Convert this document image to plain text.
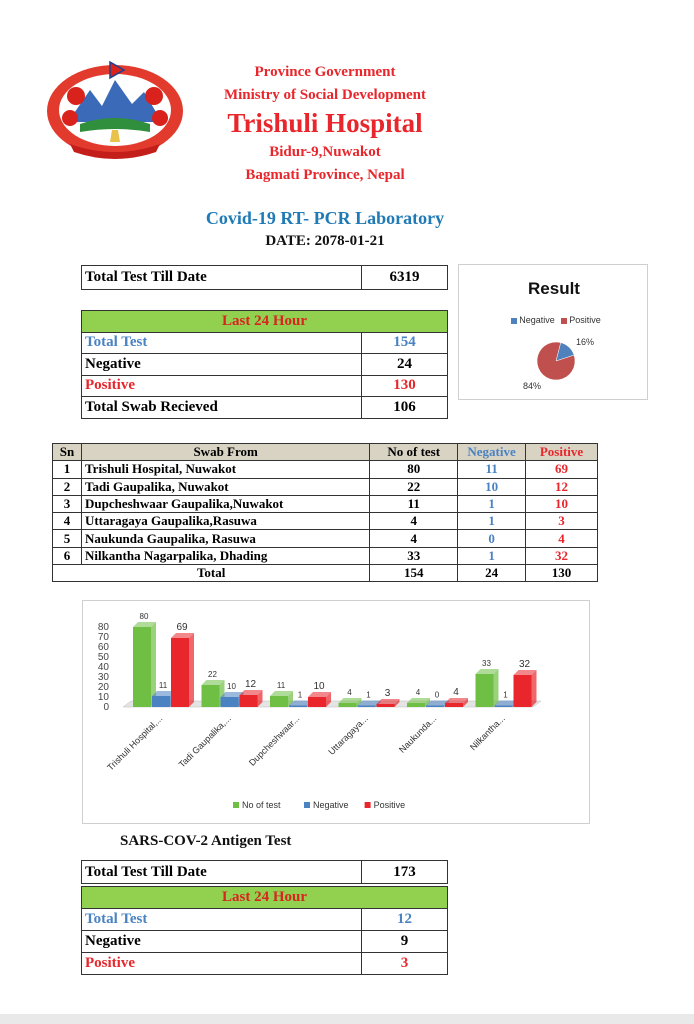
Province Government
Ministry of Social Development
Trishuli Hospital
Bidur-9,Nuwakot
Bagmati Province, Nepal
Covid-19 RT- PCR Laboratory
DATE: 2078-01-21
Total Test Till Date	6319
Last 24 Hour	
Total Test	154
Negative	24
Positive	130
Total Swab Recieved	106
Result
Negative Positive
16%
84%
Sn	Swab From	No of test	Negative	Positive
1	Trishuli Hospital, Nuwakot	80	11	69
2	Tadi Gaupalika, Nuwakot	22	10	12
3	Dupcheshwaar Gaupalika,Nuwakot	11	1	10
4	Uttaragaya Gaupalika,Rasuwa	4	1	3
5	Naukunda Gaupalika, Rasuwa	4	0	4
6	Nilkantha Nagarpalika, Dhading	33	1	32
Total		154	24	130
0
10
20
30
40
50
60
70
80
80
11
69
Trishuli Hospital,...
22
10 12
Tadi Gaupalika,...
11
1
10
Dupcheshwaar...
4 1 3
Uttaragaya...
4 0 4
Naukunda...
33
1
32
Nilkantha...
No of test	Negative	Positive
SARS-COV-2 Antigen Test
Total Test Till Date	173
Last 24 Hour	
Total Test	12
Negative	9
Positive	3
